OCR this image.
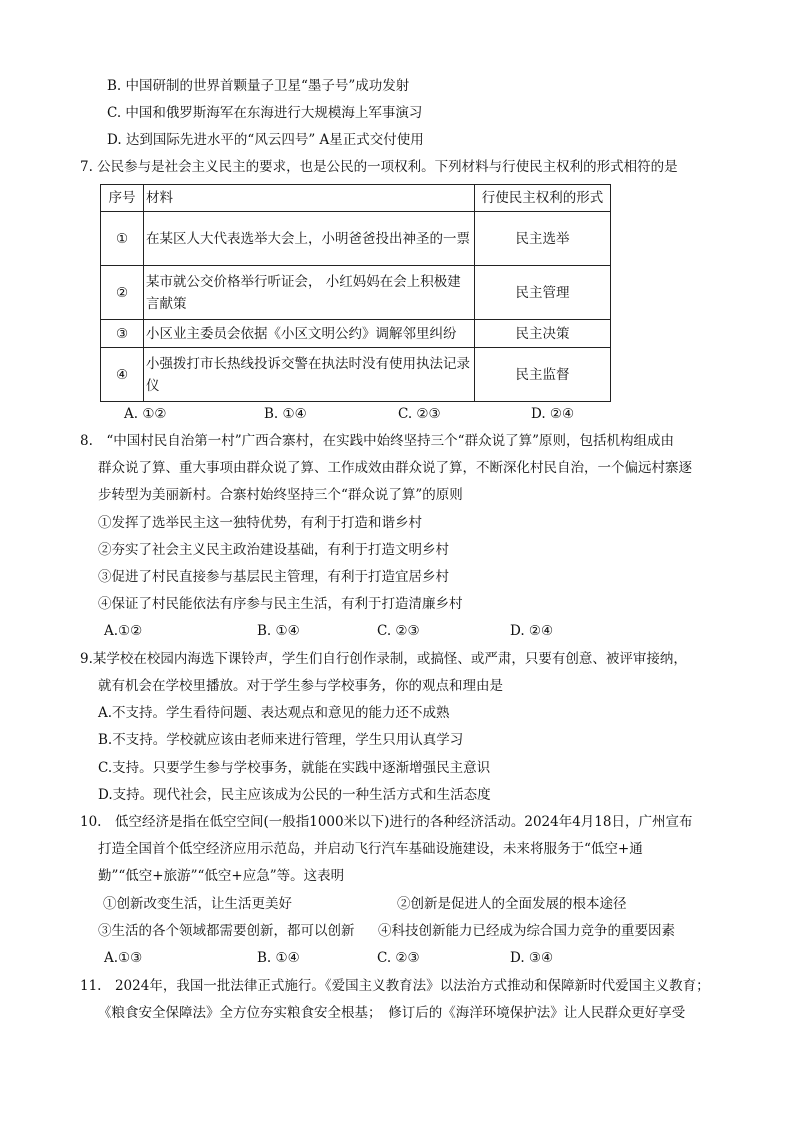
B. 中国研制的世界首颗量子卫星“墨子号”成功发射
C. 中国和俄罗斯海军在东海进行大规模海上军事演习
D. 达到国际先进水平的“风云四号” A星正式交付使用
7. 公民参与是社会主义民主的要求，也是公民的一项权利。下列材料与行使民主权利的形式相符的是
序号	材料	行使民主权利的形式
①	在某区人大代表选举大会上，小明爸爸投出神圣的一票	民主选举
②	某市就公交价格举行听证会， 小红妈妈在会上积极建言献策	民主管理
③	小区业主委员会依据《小区文明公约》调解邻里纠纷	民主决策
④	小强拨打市长热线投诉交警在执法时没有使用执法记录仪	民主监督
A. ①②	B. ①④	C. ②③	D. ②④
8.　“中国村民自治第一村”广西合寨村，在实践中始终坚持三个“群众说了算”原则，包括机构组成由
群众说了算、重大事项由群众说了算、工作成效由群众说了算，不断深化村民自治，一个偏远村寨逐
步转型为美丽新村。合寨村始终坚持三个“群众说了算”的原则
①发挥了选举民主这一独特优势，有利于打造和谐乡村
②夯实了社会主义民主政治建设基础，有利于打造文明乡村
③促进了村民直接参与基层民主管理，有利于打造宜居乡村
④保证了村民能依法有序参与民主生活，有利于打造清廉乡村
A.①②	B. ①④	C. ②③	D. ②④
9.某学校在校园内海选下课铃声，学生们自行创作录制，或搞怪、或严肃，只要有创意、被评审接纳，
就有机会在学校里播放。对于学生参与学校事务，你的观点和理由是
A.不支持。学生看待问题、表达观点和意见的能力还不成熟
B.不支持。学校就应该由老师来进行管理，学生只用认真学习
C.支持。只要学生参与学校事务，就能在实践中逐渐增强民主意识
D.支持。现代社会，民主应该成为公民的一种生活方式和生活态度
10.　低空经济是指在低空空间(一般指1000米以下)进行的各种经济活动。2024年4月18日，广州宣布
打造全国首个低空经济应用示范岛，并启动飞行汽车基础设施建设，未来将服务于“低空+通
勤”“低空+旅游”“低空+应急”等。这表明
①创新改变生活，让生活更美好	②创新是促进人的全面发展的根本途径
③生活的各个领域都需要创新，都可以创新 ④科技创新能力已经成为综合国力竞争的重要因素
A.①③	B. ①④	C. ②③	D. ③④
11.　2024年，我国一批法律正式施行。《爱国主义教育法》以法治方式推动和保障新时代爱国主义教育；
《粮食安全保障法》全方位夯实粮食安全根基；　修订后的《海洋环境保护法》让人民群众更好享受
